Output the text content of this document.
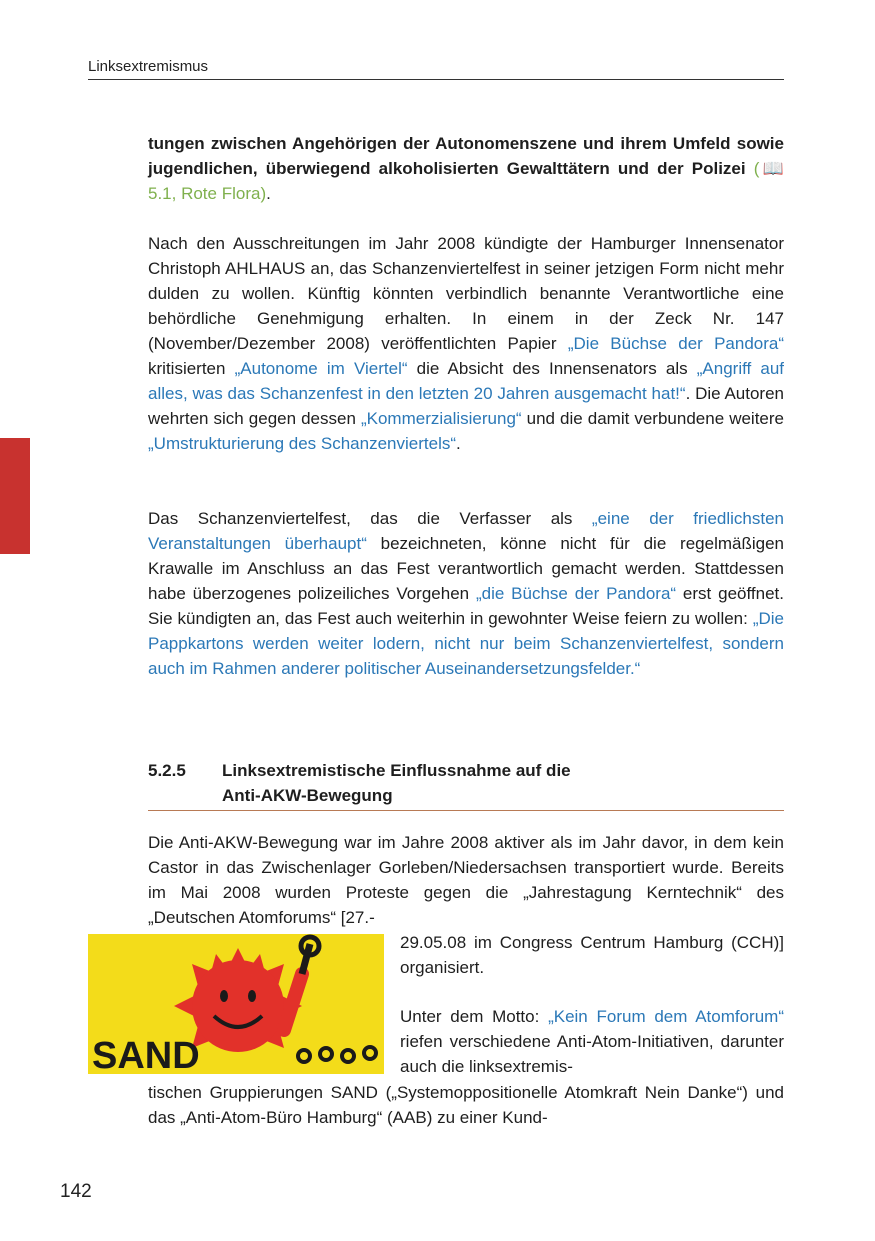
Linksextremismus
tungen zwischen Angehörigen der Autonomenszene und ihrem Umfeld sowie jugendlichen, überwiegend alkoholisierten Gewalttätern und der Polizei (📖 5.1, Rote Flora).
Nach den Ausschreitungen im Jahr 2008 kündigte der Hamburger Innensenator Christoph AHLHAUS an, das Schanzenviertelfest in seiner jetzigen Form nicht mehr dulden zu wollen. Künftig könnten verbindlich benannte Verantwortliche eine behördliche Genehmigung erhalten. In einem in der Zeck Nr. 147 (November/Dezember 2008) veröffentlichten Papier „Die Büchse der Pandora“ kritisierten „Autonome im Viertel“ die Absicht des Innensenators als „Angriff auf alles, was das Schanzenfest in den letzten 20 Jahren ausgemacht hat!“. Die Autoren wehrten sich gegen dessen „Kommerzialisierung“ und die damit verbundene weitere „Umstrukturierung des Schanzenviertels“.
Das Schanzenviertelfest, das die Verfasser als „eine der friedlichsten Veranstaltungen überhaupt“ bezeichneten, könne nicht für die regelmäßigen Krawalle im Anschluss an das Fest verantwortlich gemacht werden. Stattdessen habe überzogenes polizeiliches Vorgehen „die Büchse der Pandora“ erst geöffnet. Sie kündigten an, das Fest auch weiterhin in gewohnter Weise feiern zu wollen: „Die Pappkartons werden weiter lodern, nicht nur beim Schanzenviertelfest, sondern auch im Rahmen anderer politischer Auseinandersetzungsfelder.“
5.2.5 Linksextremistische Einflussnahme auf die
Anti-AKW-Bewegung
Die Anti-AKW-Bewegung war im Jahre 2008 aktiver als im Jahr davor, in dem kein Castor in das Zwischenlager Gorleben/Niedersachsen transportiert wurde. Bereits im Mai 2008 wurden Proteste gegen die „Jahrestagung Kerntechnik“ des „Deutschen Atomforums“ [27.-
SAND
29.05.08 im Congress Centrum Hamburg (CCH)] organisiert.
Unter dem Motto: „Kein Forum dem Atomforum“ riefen verschiedene Anti-Atom-Initiativen, darunter auch die linksextremis-
tischen Gruppierungen SAND („Systemoppositionelle Atomkraft Nein Danke“) und das „Anti-Atom-Büro Hamburg“ (AAB) zu einer Kund-
142
